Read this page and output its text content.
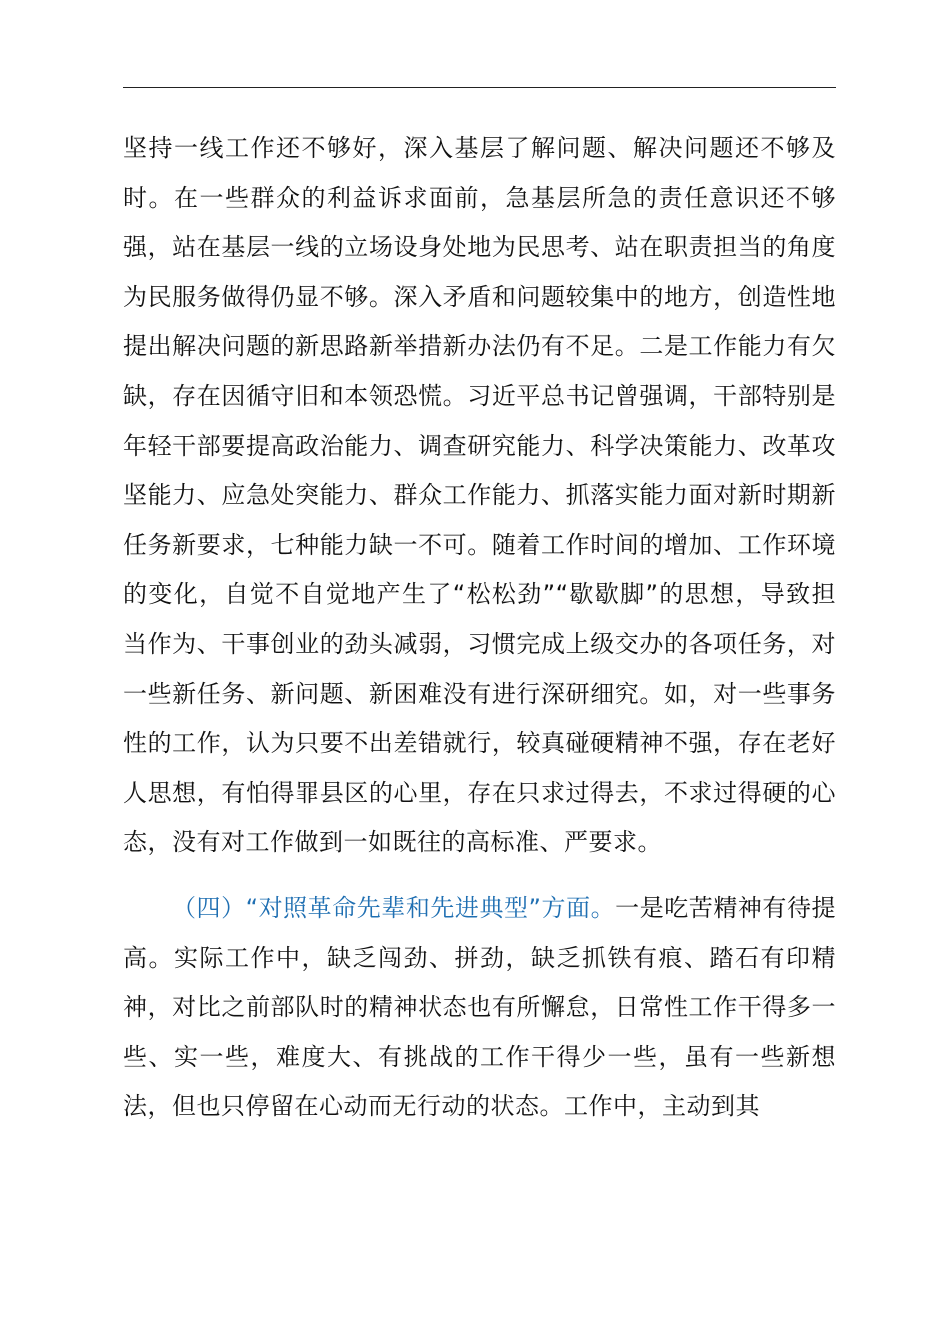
坚持一线工作还不够好，深入基层了解问题、解决问题还不够及时。在一些群众的利益诉求面前，急基层所急的责任意识还不够强，站在基层一线的立场设身处地为民思考、站在职责担当的角度为民服务做得仍显不够。深入矛盾和问题较集中的地方，创造性地提出解决问题的新思路新举措新办法仍有不足。二是工作能力有欠缺，存在因循守旧和本领恐慌。习近平总书记曾强调，干部特别是年轻干部要提高政治能力、调查研究能力、科学决策能力、改革攻坚能力、应急处突能力、群众工作能力、抓落实能力面对新时期新任务新要求，七种能力缺一不可。随着工作时间的增加、工作环境的变化，自觉不自觉地产生了“松松劲”“歇歇脚”的思想，导致担当作为、干事创业的劲头减弱，习惯完成上级交办的各项任务，对一些新任务、新问题、新困难没有进行深研细究。如，对一些事务性的工作，认为只要不出差错就行，较真碰硬精神不强，存在老好人思想，有怕得罪县区的心里，存在只求过得去，不求过得硬的心态，没有对工作做到一如既往的高标准、严要求。

（四）“对照革命先辈和先进典型”方面。一是吃苦精神有待提高。实际工作中，缺乏闯劲、拼劲，缺乏抓铁有痕、踏石有印精神，对比之前部队时的精神状态也有所懈怠，日常性工作干得多一些、实一些，难度大、有挑战的工作干得少一些，虽有一些新想法，但也只停留在心动而无行动的状态。工作中，主动到其
